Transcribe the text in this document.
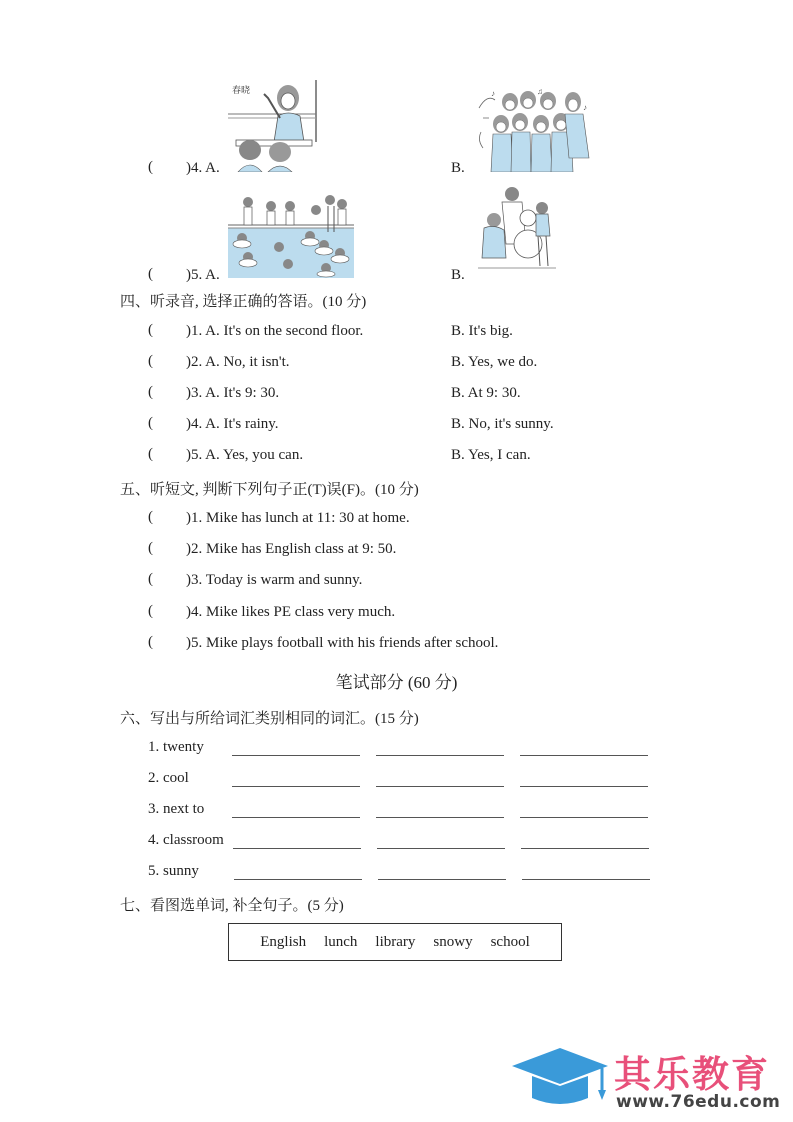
( )4. A.
春晓
B.
♪	♫
♪
( )5. A.	B.
四、听录音, 选择正确的答语。(10 分)
( )1. A. It's on the second floor.	B. It's big.
( )2. A. No, it isn't.	B. Yes, we do.
( )3. A. It's 9: 30.	B. At 9: 30.
( )4. A. It's rainy.	B. No, it's sunny.
( )5. A. Yes, you can.	B. Yes, I can.
五、听短文, 判断下列句子正(T)误(F)。(10 分)
( )1. Mike has lunch at 11: 30 at home.
( )2. Mike has English class at 9: 50.
( )3. Today is warm and sunny.
( )4. Mike likes PE class very much.
( )5. Mike plays football with his friends after school.
笔试部分 (60 分)
六、写出与所给词汇类别相同的词汇。(15 分)
1. twenty
2. cool
3. next to
4. classroom
5. sunny
七、看图选单词, 补全句子。(5 分)
English lunch library snowy school
其乐教育
www.76edu.com
